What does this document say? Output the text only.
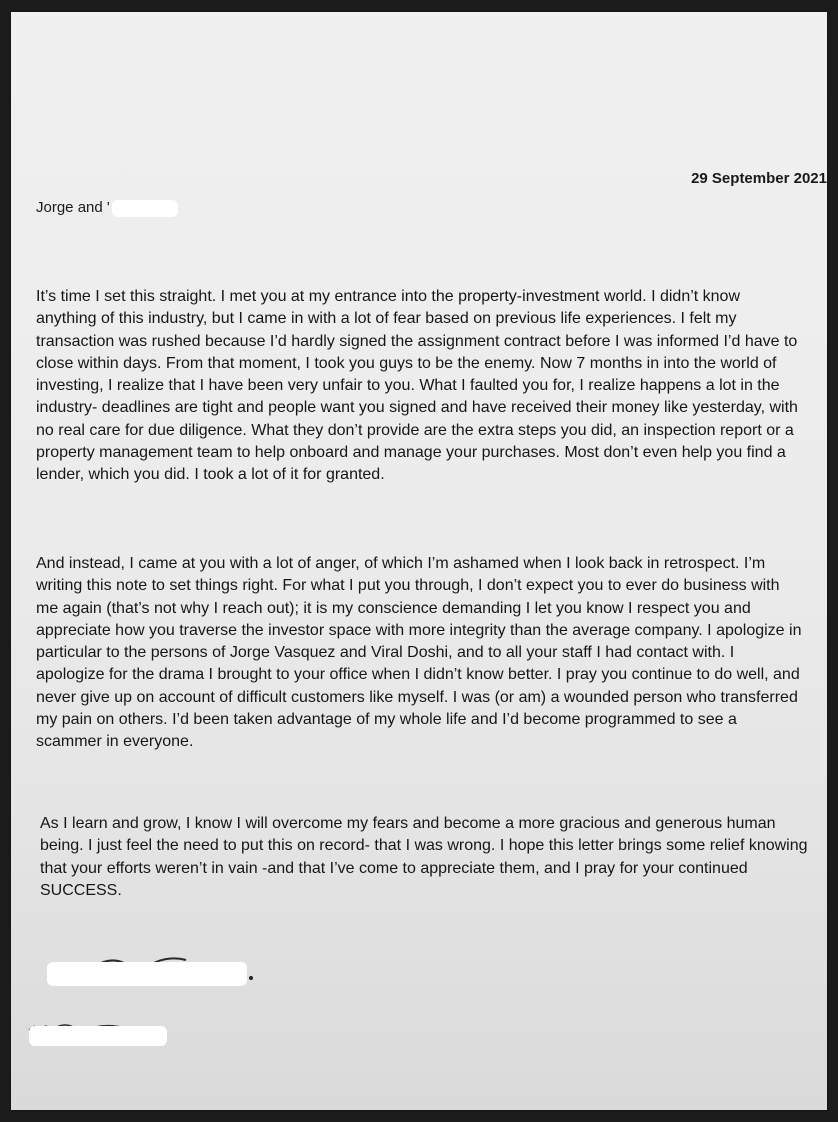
29 September 2021
Jorge and '

It’s time I set this straight. I met you at my entrance into the property-investment world. I didn’t know anything of this industry, but I came in with a lot of fear based on previous life experiences. I felt my transaction was rushed because I’d hardly signed the assignment contract before I was informed I’d have to close within days. From that moment, I took you guys to be the enemy. Now 7 months in into the world of investing, I realize that I have been very unfair to you. What I faulted you for, I realize happens a lot in the industry- deadlines are tight and people want you signed and have received their money like yesterday, with no real care for due diligence. What they don’t provide are the extra steps you did, an inspection report or a property management team to help onboard and manage your purchases. Most don’t even help you find a lender, which you did. I took a lot of it for granted.

And instead, I came at you with a lot of anger, of which I’m ashamed when I look back in retrospect. I’m writing this note to set things right. For what I put you through, I don’t expect you to ever do business with me again (that’s not why I reach out); it is my conscience demanding I let you know I respect you and appreciate how you traverse the investor space with more integrity than the average company. I apologize in particular to the persons of Jorge Vasquez and Viral Doshi, and to all your staff I had contact with. I apologize for the drama I brought to your office when I didn’t know better. I pray you continue to do well, and never give up on account of difficult customers like myself. I was (or am) a wounded person who transferred my pain on others. I’d been taken advantage of my whole life and I’d become programmed to see a scammer in everyone.

As I learn and grow, I know I will overcome my fears and become a more gracious and generous human being. I just feel the need to put this on record- that I was wrong. I hope this letter brings some relief knowing that your efforts weren’t in vain -and that I’ve come to appreciate them, and I pray for your continued SUCCESS.
